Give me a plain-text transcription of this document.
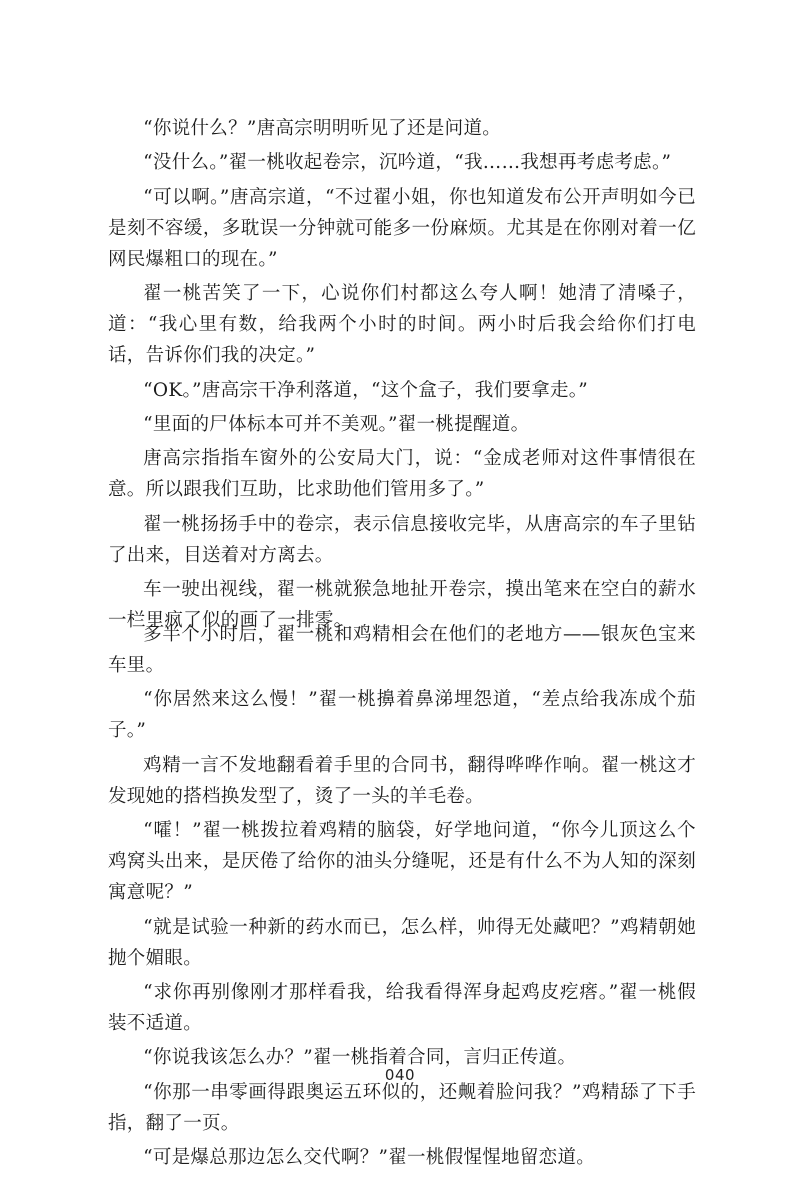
“你说什么？”唐高宗明明听见了还是问道。

“没什么。”翟一桃收起卷宗，沉吟道，“我……我想再考虑考虑。”

“可以啊。”唐高宗道，“不过翟小姐，你也知道发布公开声明如今已是刻不容缓，多耽误一分钟就可能多一份麻烦。尤其是在你刚对着一亿网民爆粗口的现在。”

翟一桃苦笑了一下，心说你们村都这么夸人啊！她清了清嗓子，道：“我心里有数，给我两个小时的时间。两小时后我会给你们打电话，告诉你们我的决定。”

“OK。”唐高宗干净利落道，“这个盒子，我们要拿走。”

“里面的尸体标本可并不美观。”翟一桃提醒道。

唐高宗指指车窗外的公安局大门，说：“金成老师对这件事情很在意。所以跟我们互助，比求助他们管用多了。”

翟一桃扬扬手中的卷宗，表示信息接收完毕，从唐高宗的车子里钻了出来，目送着对方离去。

车一驶出视线，翟一桃就猴急地扯开卷宗，摸出笔来在空白的薪水一栏里疯了似的画了一排零。

多半个小时后，翟一桃和鸡精相会在他们的老地方——银灰色宝来车里。

“你居然来这么慢！”翟一桃擤着鼻涕埋怨道，“差点给我冻成个茄子。”

鸡精一言不发地翻看着手里的合同书，翻得哗哗作响。翟一桃这才发现她的搭档换发型了，烫了一头的羊毛卷。

“嚯！”翟一桃拨拉着鸡精的脑袋，好学地问道，“你今儿顶这么个鸡窝头出来，是厌倦了给你的油头分缝呢，还是有什么不为人知的深刻寓意呢？”

“就是试验一种新的药水而已，怎么样，帅得无处藏吧？”鸡精朝她抛个媚眼。

“求你再别像刚才那样看我，给我看得浑身起鸡皮疙瘩。”翟一桃假装不适道。

“你说我该怎么办？”翟一桃指着合同，言归正传道。

“你那一串零画得跟奥运五环似的，还觍着脸问我？”鸡精舔了下手指，翻了一页。

“可是爆总那边怎么交代啊？”翟一桃假惺惺地留恋道。

040
